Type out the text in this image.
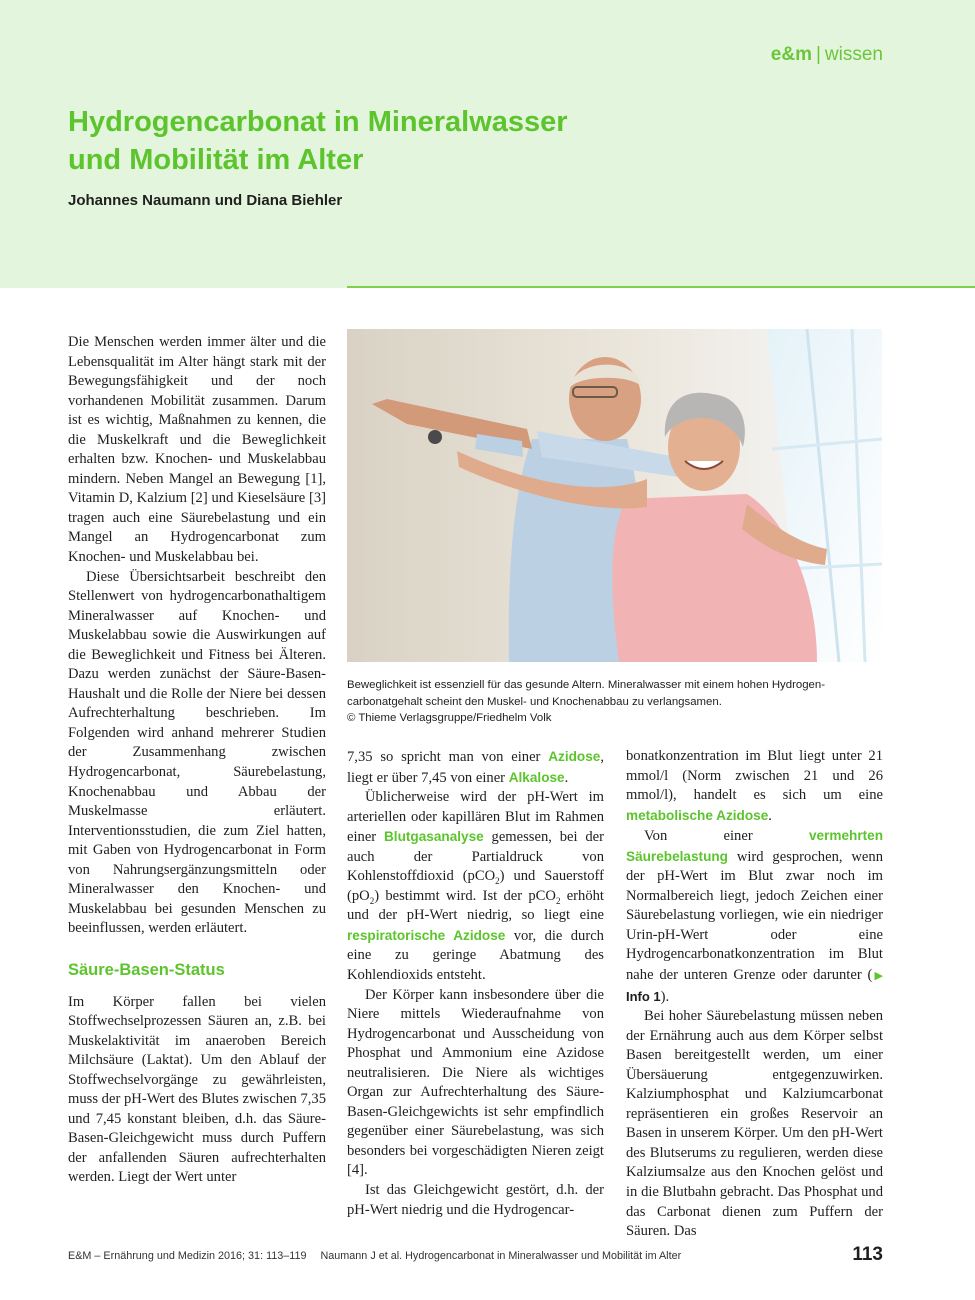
e&m | wissen
Hydrogencarbonat in Mineralwasser
und Mobilität im Alter
Johannes Naumann und Diana Biehler

Die Menschen werden immer älter und die Lebensqualität im Alter hängt stark mit der Bewegungsfähigkeit und der noch vorhandenen Mobilität zusammen. Darum ist es wichtig, Maßnahmen zu kennen, die die Muskelkraft und die Beweglichkeit erhalten bzw. Knochen- und Muskelabbau mindern. Neben Mangel an Bewegung [1], Vitamin D, Kalzium [2] und Kieselsäure [3] tragen auch eine Säurebelastung und ein Mangel an Hydrogencarbonat zum Knochen- und Muskelabbau bei.

Diese Übersichtsarbeit beschreibt den Stellenwert von hydrogencarbonathaltigem Mineralwasser auf Knochen- und Muskelabbau sowie die Auswirkungen auf die Beweglichkeit und Fitness bei Älteren. Dazu werden zunächst der Säure-Basen-Haushalt und die Rolle der Niere bei dessen Aufrechterhaltung beschrieben. Im Folgenden wird anhand mehrerer Studien der Zusammenhang zwischen Hydrogencarbonat, Säurebelastung, Knochenabbau und Abbau der Muskelmasse erläutert. Interventionsstudien, die zum Ziel hatten, mit Gaben von Hydrogencarbonat in Form von Nahrungsergänzungsmitteln oder Mineralwasser den Knochen- und Muskelabbau bei gesunden Menschen zu beeinflussen, werden erläutert.

Säure-Basen-Status

Im Körper fallen bei vielen Stoffwechselprozessen Säuren an, z.B. bei Muskelaktivität im anaeroben Bereich Milchsäure (Laktat). Um den Ablauf der Stoffwechselvorgänge zu gewährleisten, muss der pH-Wert des Blutes zwischen 7,35 und 7,45 konstant bleiben, d.h. das Säure-Basen-Gleichgewicht muss durch Puffern der anfallenden Säuren aufrechterhalten werden. Liegt der Wert unter

Beweglichkeit ist essenziell für das gesunde Altern. Mineralwasser mit einem hohen Hydrogen-

carbonatgehalt scheint den Muskel- und Knochenabbau zu verlangsamen.

© Thieme Verlagsgruppe/Friedhelm Volk

7,35 so spricht man von einer Azidose, liegt er über 7,45 von einer Alkalose.

Üblicherweise wird der pH-Wert im arteriellen oder kapillären Blut im Rahmen einer Blutgasanalyse gemessen, bei der auch der Partialdruck von Kohlenstoffdioxid (pCO$_2$) und Sauerstoff $(pO_2)$ bestimmt wird. Ist der pCO$_2$ erhöht und der pH-Wert niedrig, so liegt eine respiratorische Azidose vor, die durch eine zu geringe Abatmung des Kohlendioxids entsteht.

Der Körper kann insbesondere über die Niere mittels Wiederaufnahme von Hydrogencarbonat und Ausscheidung von Phosphat und Ammonium eine Azidose neutralisieren. Die Niere als wichtiges Organ zur Aufrechterhaltung des Säure-Basen-Gleichgewichts ist sehr empfindlich gegenüber einer Säurebelastung, was sich besonders bei vorgeschädigten Nieren zeigt [4].

Ist das Gleichgewicht gestört, d.h. der pH-Wert niedrig und die Hydrogencar-

bonatkonzentration im Blut liegt unter 21 mmol/l (Norm zwischen 21 und 26 mmol/l), handelt es sich um eine metabolische Azidose.

Von einer vermehrten Säurebelastung wird gesprochen, wenn der pH-Wert im Blut zwar noch im Normalbereich liegt, jedoch Zeichen einer Säurebelastung vorliegen, wie ein niedriger Urin-pH-Wert oder eine Hydrogencarbonatkonzentration im Blut nahe der unteren Grenze oder darunter (▶ Info 1).

Bei hoher Säurebelastung müssen neben der Ernährung auch aus dem Körper selbst Basen bereitgestellt werden, um einer Übersäuerung entgegenzuwirken. Kalziumphosphat und Kalziumcarbonat repräsentieren ein großes Reservoir an Basen in unserem Körper. Um den pH-Wert des Blutserums zu regulieren, werden diese Kalziumsalze aus den Knochen gelöst und in die Blutbahn gebracht. Das Phosphat und das Carbonat dienen zum Puffern der Säuren. Das

E&M – Ernährung und Medizin 2016; 31: 113–119 Naumann J et al. Hydrogencarbonat in Mineralwasser und Mobilität im Alter	113
